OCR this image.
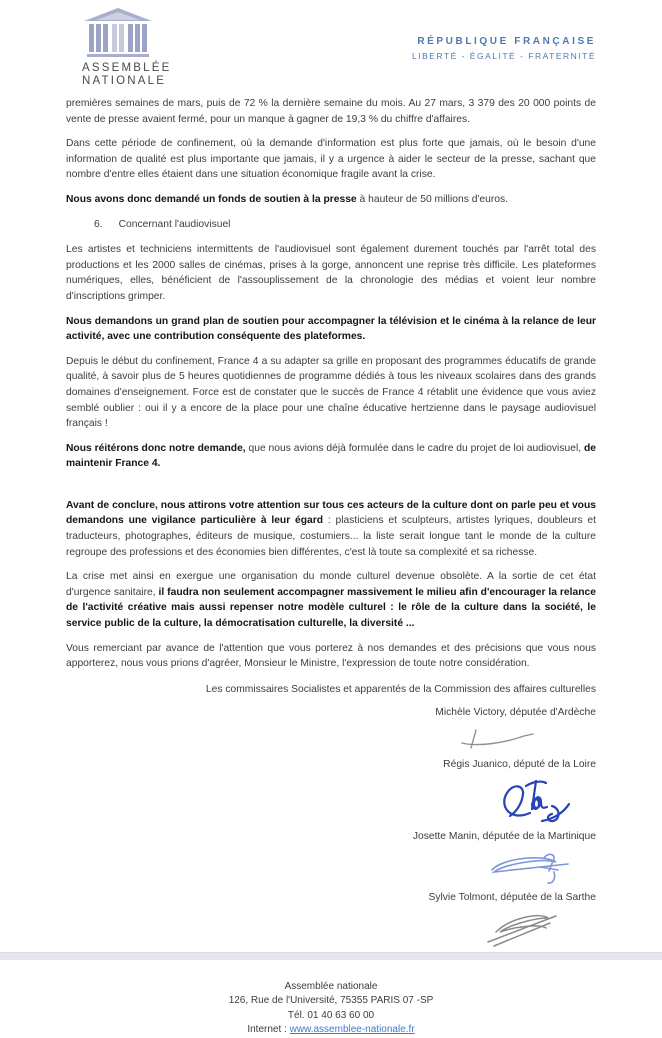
ASSEMBLÉE
NATIONALE
RÉPUBLIQUE FRANÇAISE
LIBERTÉ - ÉGALITÉ - FRATERNITÉ

premières semaines de mars, puis de 72 % la dernière semaine du mois. Au 27 mars, 3 379 des 20 000 points de vente de presse avaient fermé, pour un manque à gagner de 19,3 % du chiffre d'affaires.

Dans cette période de confinement, où la demande d'information est plus forte que jamais, où le besoin d'une information de qualité est plus importante que jamais, il y a urgence à aider le secteur de la presse, sachant que nombre d'entre elles étaient dans une situation économique fragile avant la crise.

Nous avons donc demandé un fonds de soutien à la presse à hauteur de 50 millions d'euros.

6. Concernant l'audiovisuel

Les artistes et techniciens intermittents de l'audiovisuel sont également durement touchés par l'arrêt total des productions et les 2000 salles de cinémas, prises à la gorge, annoncent une reprise très difficile. Les plateformes numériques, elles, bénéficient de l'assouplissement de la chronologie des médias et voient leur nombre d'inscriptions grimper.

Nous demandons un grand plan de soutien pour accompagner la télévision et le cinéma à la relance de leur activité, avec une contribution conséquente des plateformes.

Depuis le début du confinement, France 4 a su adapter sa grille en proposant des programmes éducatifs de grande qualité, à savoir plus de 5 heures quotidiennes de programme dédiés à tous les niveaux scolaires dans des grands domaines d'enseignement. Force est de constater que le succès de France 4 rétablit une évidence que vous aviez semblé oublier : oui il y a encore de la place pour une chaîne éducative hertzienne dans le paysage audiovisuel français !

Nous réitérons donc notre demande, que nous avions déjà formulée dans le cadre du projet de loi audiovisuel, de maintenir France 4.

Avant de conclure, nous attirons votre attention sur tous ces acteurs de la culture dont on parle peu et vous demandons une vigilance particulière à leur égard : plasticiens et sculpteurs, artistes lyriques, doubleurs et traducteurs, photographes, éditeurs de musique, costumiers... la liste serait longue tant le monde de la culture regroupe des professions et des économies bien différentes, c'est là toute sa complexité et sa richesse.

La crise met ainsi en exergue une organisation du monde culturel devenue obsolète. A la sortie de cet état d'urgence sanitaire, il faudra non seulement accompagner massivement le milieu afin d'encourager la relance de l'activité créative mais aussi repenser notre modèle culturel : le rôle de la culture dans la société, le service public de la culture, la démocratisation culturelle, la diversité ...

Vous remerciant par avance de l'attention que vous porterez à nos demandes et des précisions que vous nous apporterez, nous vous prions d'agréer, Monsieur le Ministre, l'expression de toute notre considération.

Les commissaires Socialistes et apparentés de la Commission des affaires culturelles
Michèle Victory, députée d'Ardèche
Régis Juanico, député de la Loire
Josette Manin, députée de la Martinique
Sylvie Tolmont, députée de la Sarthe
Assemblée nationale
126, Rue de l'Université, 75355 PARIS 07 -SP
Tél. 01 40 63 60 00
Internet : www.assemblee-nationale.fr
